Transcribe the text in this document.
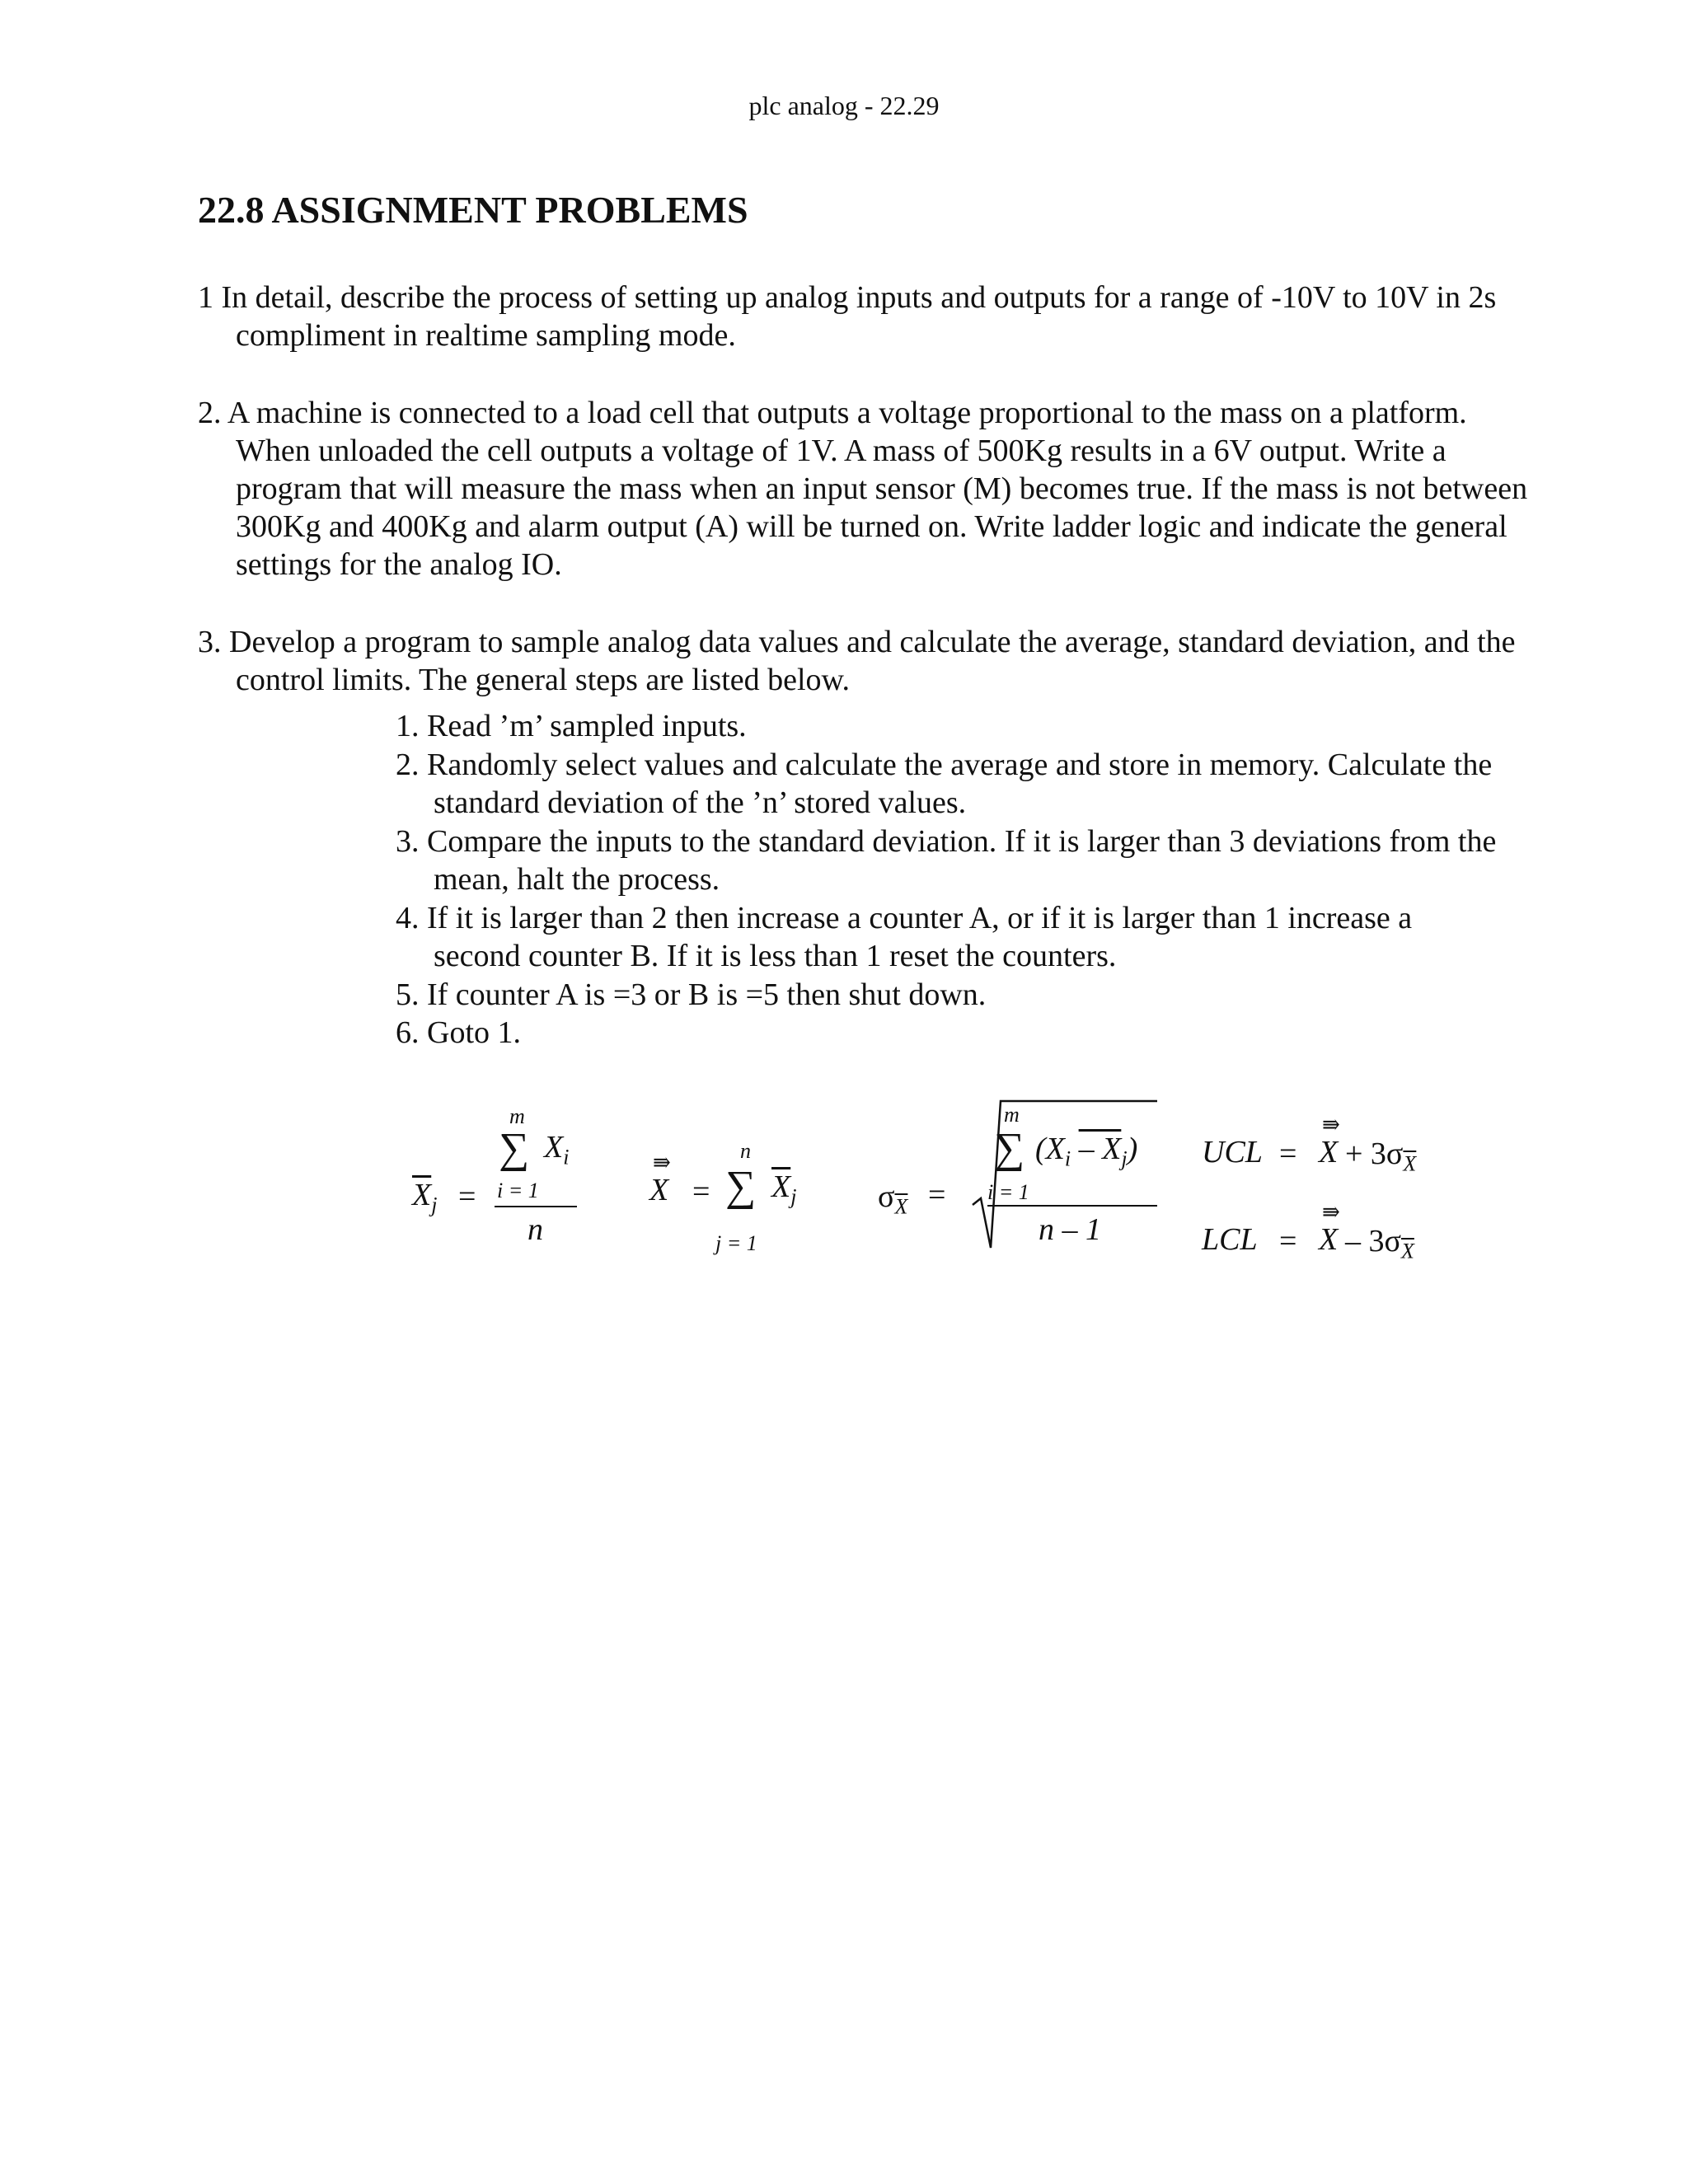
plc analog - 22.29
22.8 ASSIGNMENT PROBLEMS

1 In detail, describe the process of setting up analog inputs and outputs for a range of -10V to 10V in 2s compliment in realtime sampling mode.

2. A machine is connected to a load cell that outputs a voltage proportional to the mass on a platform. When unloaded the cell outputs a voltage of 1V. A mass of 500Kg results in a 6V output. Write a program that will measure the mass when an input sensor (M) becomes true. If the mass is not between 300Kg and 400Kg and alarm output (A) will be turned on. Write ladder logic and indicate the general settings for the analog IO.

3. Develop a program to sample analog data values and calculate the average, standard deviation, and the control limits. The general steps are listed below.

1. Read ’m’ sampled inputs.
2. Randomly select values and calculate the average and store in memory. Calculate the standard deviation of the ’n’ stored values.
3. Compare the inputs to the standard deviation. If it is larger than 3 deviations from the mean, halt the process.
4. If it is larger than 2 then increase a counter A, or if it is larger than 1 increase a second counter B. If it is less than 1 reset the counters.
5. If counter A is =3 or B is =5 then shut down.
6. Goto 1.
$\overline{X}_j$ =
m
∑ $X_i$
i = 1
n
⇛
X =
n
∑ $\overline{X}_j$
j = 1
$\sigma_{\overline{X}}$ =
m
∑ $(X_i - X_j)$
i = 1
n – 1
UCL =
⇛
$X + 3\sigma_{\overline{X}}$
LCL =
⇛
X – $3\sigma_{\overline{X}}$
